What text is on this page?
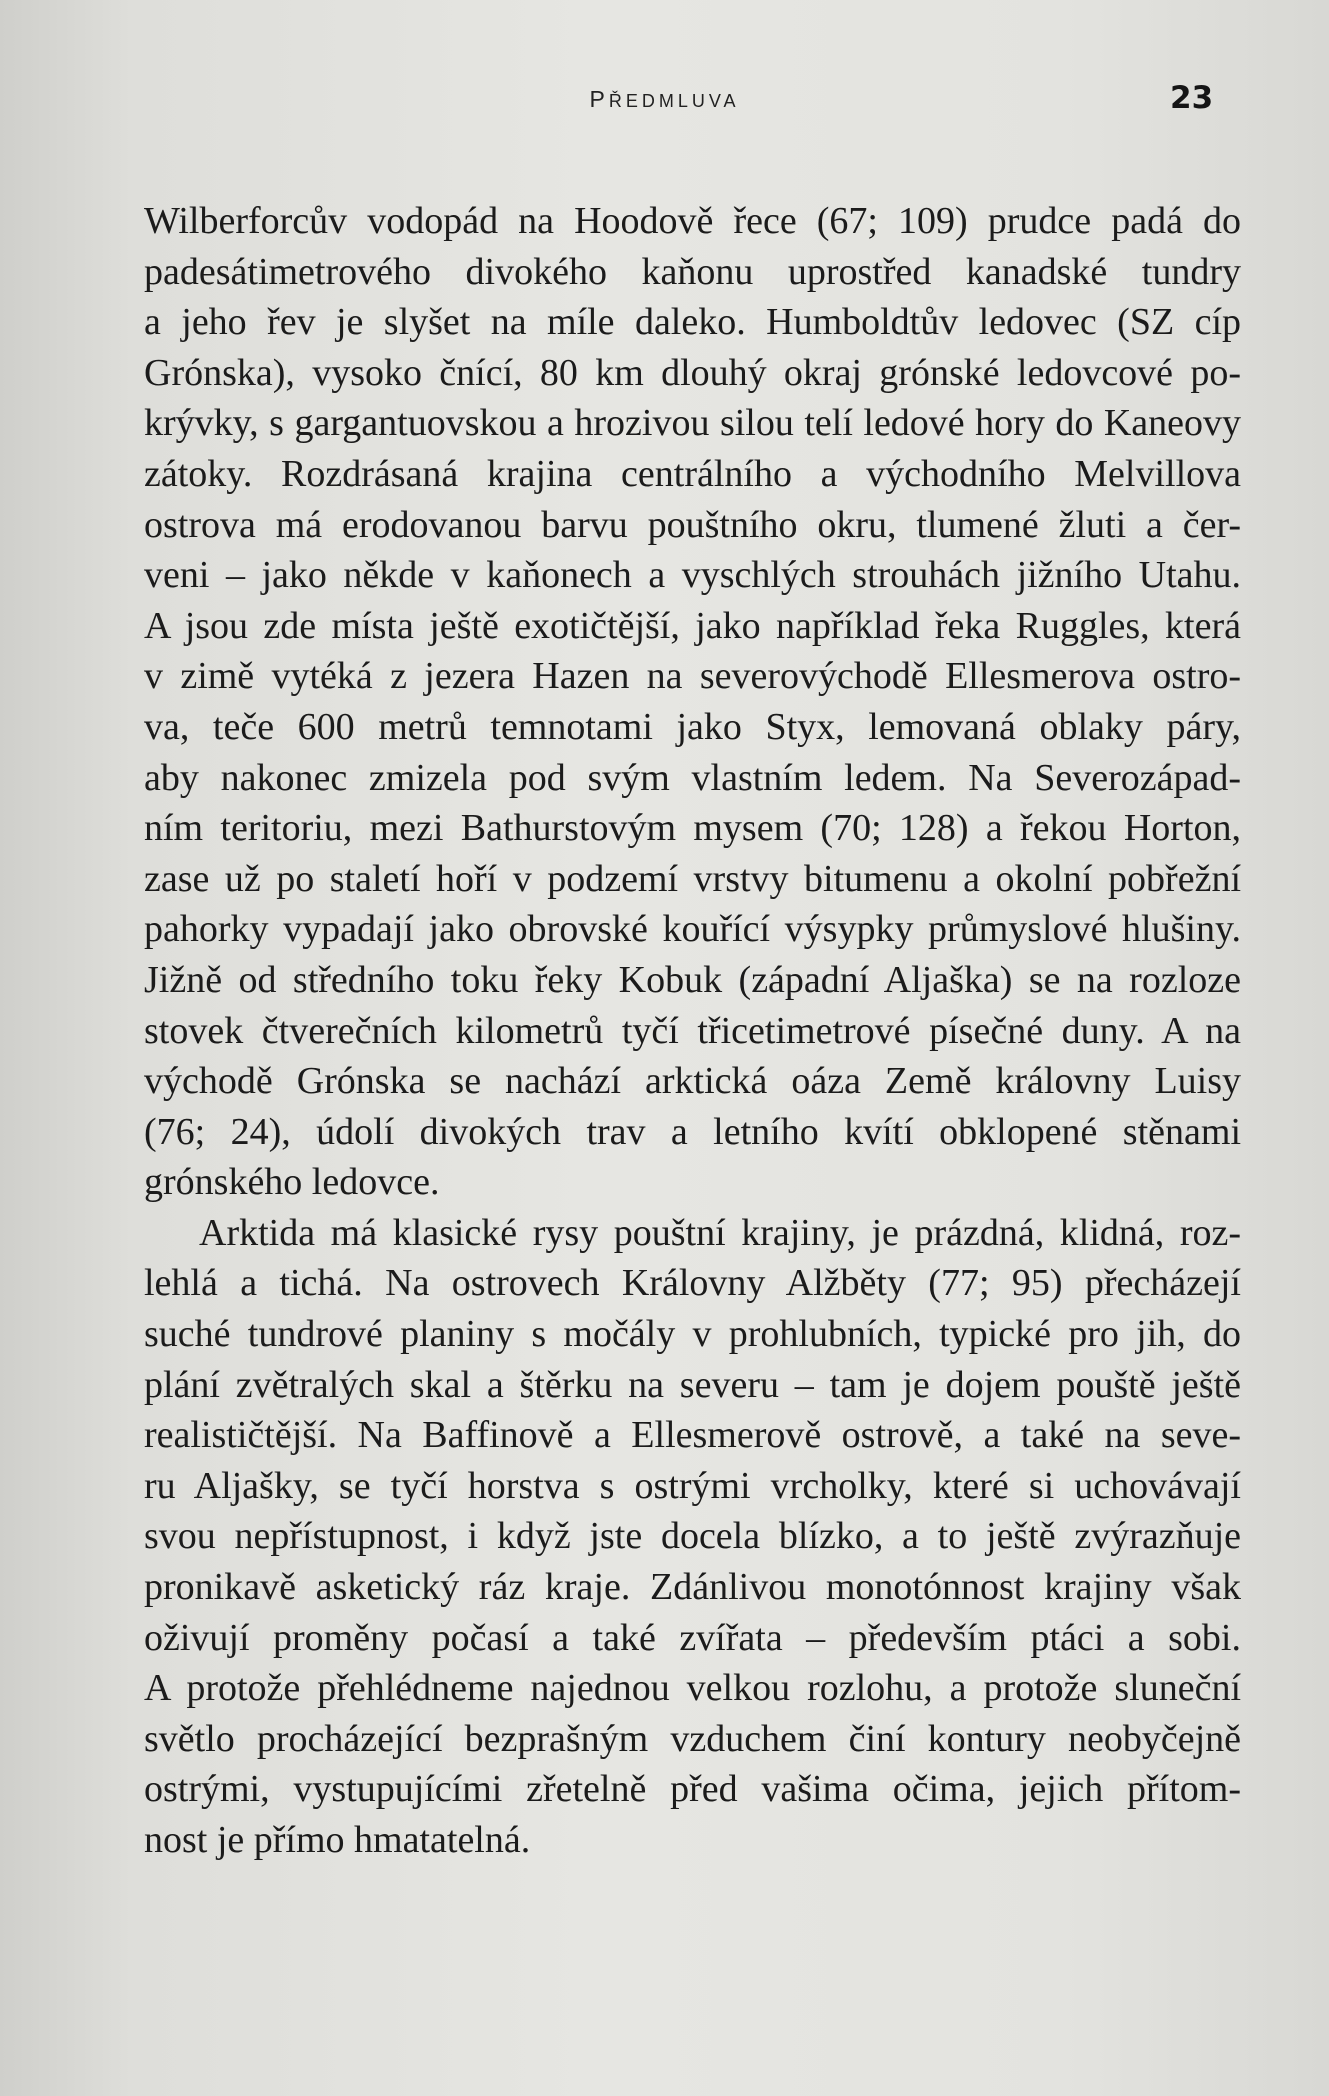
PŘEDMLUVA	23
Wilberforcův vodopád na Hoodově řece (67; 109) prudce padá do
padesátimetrového divokého kaňonu uprostřed kanadské tundry
a jeho řev je slyšet na míle daleko. Humboldtův ledovec (SZ cíp
Grónska), vysoko čnící, 80 km dlouhý okraj grónské ledovcové po-
krývky, s gargantuovskou a hrozivou silou telí ledové hory do Kaneovy
zátoky. Rozdrásaná krajina centrálního a východního Melvillova
ostrova má erodovanou barvu pouštního okru, tlumené žluti a čer-
veni – jako někde v kaňonech a vyschlých strouhách jižního Utahu.
A jsou zde místa ještě exotičtější, jako například řeka Ruggles, která
v zimě vytéká z jezera Hazen na severovýchodě Ellesmerova ostro-
va, teče 600 metrů temnotami jako Styx, lemovaná oblaky páry,
aby nakonec zmizela pod svým vlastním ledem. Na Severozápad-
ním teritoriu, mezi Bathurstovým mysem (70; 128) a řekou Horton,
zase už po staletí hoří v podzemí vrstvy bitumenu a okolní pobřežní
pahorky vypadají jako obrovské kouřící výsypky průmyslové hlušiny.
Jižně od středního toku řeky Kobuk (západní Aljaška) se na rozloze
stovek čtverečních kilometrů tyčí třicetimetrové písečné duny. A na
východě Grónska se nachází arktická oáza Země královny Luisy
(76; 24), údolí divokých trav a letního kvítí obklopené stěnami
grónského ledovce.
Arktida má klasické rysy pouštní krajiny, je prázdná, klidná, roz-
lehlá a tichá. Na ostrovech Královny Alžběty (77; 95) přecházejí
suché tundrové planiny s močály v prohlubních, typické pro jih, do
plání zvětralých skal a štěrku na severu – tam je dojem pouště ještě
realističtější. Na Baffinově a Ellesmerově ostrově, a také na seve-
ru Aljašky, se tyčí horstva s ostrými vrcholky, které si uchovávají
svou nepřístupnost, i když jste docela blízko, a to ještě zvýrazňuje
pronikavě asketický ráz kraje. Zdánlivou monotónnost krajiny však
oživují proměny počasí a také zvířata – především ptáci a sobi.
A protože přehlédneme najednou velkou rozlohu, a protože sluneční
světlo procházející bezprašným vzduchem činí kontury neobyčejně
ostrými, vystupujícími zřetelně před vašima očima, jejich přítom-
nost je přímo hmatatelná.
